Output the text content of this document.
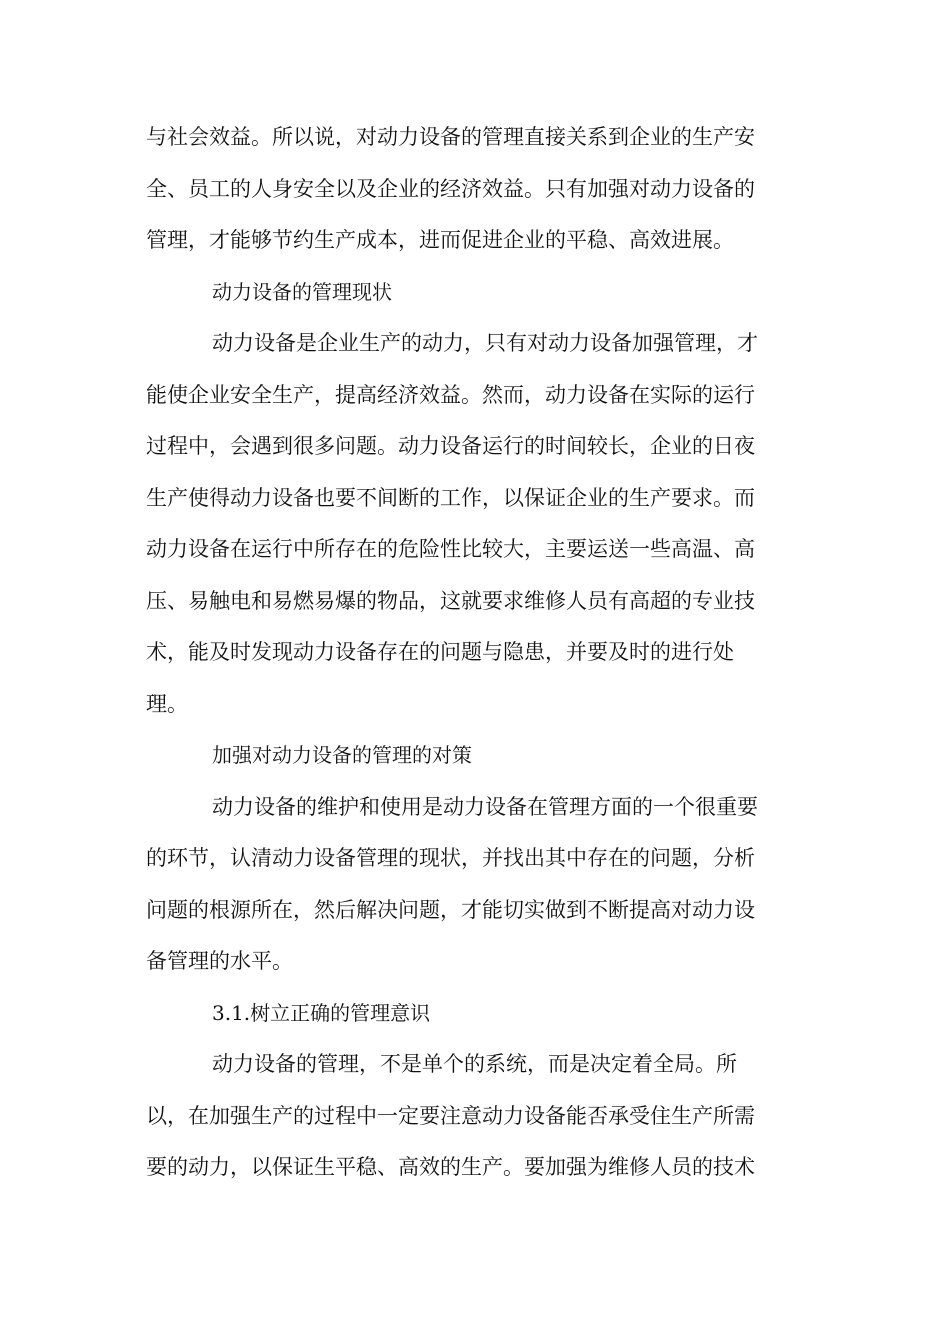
与社会效益。所以说，对动力设备的管理直接关系到企业的生产安
全、员工的人身安全以及企业的经济效益。只有加强对动力设备的
管理，才能够节约生产成本，进而促进企业的平稳、高效进展。
动力设备的管理现状
动力设备是企业生产的动力，只有对动力设备加强管理，才
能使企业安全生产，提高经济效益。然而，动力设备在实际的运行
过程中，会遇到很多问题。动力设备运行的时间较长，企业的日夜
生产使得动力设备也要不间断的工作，以保证企业的生产要求。而
动力设备在运行中所存在的危险性比较大，主要运送一些高温、高
压、易触电和易燃易爆的物品，这就要求维修人员有高超的专业技
术，能及时发现动力设备存在的问题与隐患，并要及时的进行处
理。
加强对动力设备的管理的对策
动力设备的维护和使用是动力设备在管理方面的一个很重要
的环节，认清动力设备管理的现状，并找出其中存在的问题，分析
问题的根源所在，然后解决问题，才能切实做到不断提高对动力设
备管理的水平。
3.1.树立正确的管理意识
动力设备的管理，不是单个的系统，而是决定着全局。所
以，在加强生产的过程中一定要注意动力设备能否承受住生产所需
要的动力，以保证生平稳、高效的生产。要加强为维修人员的技术
